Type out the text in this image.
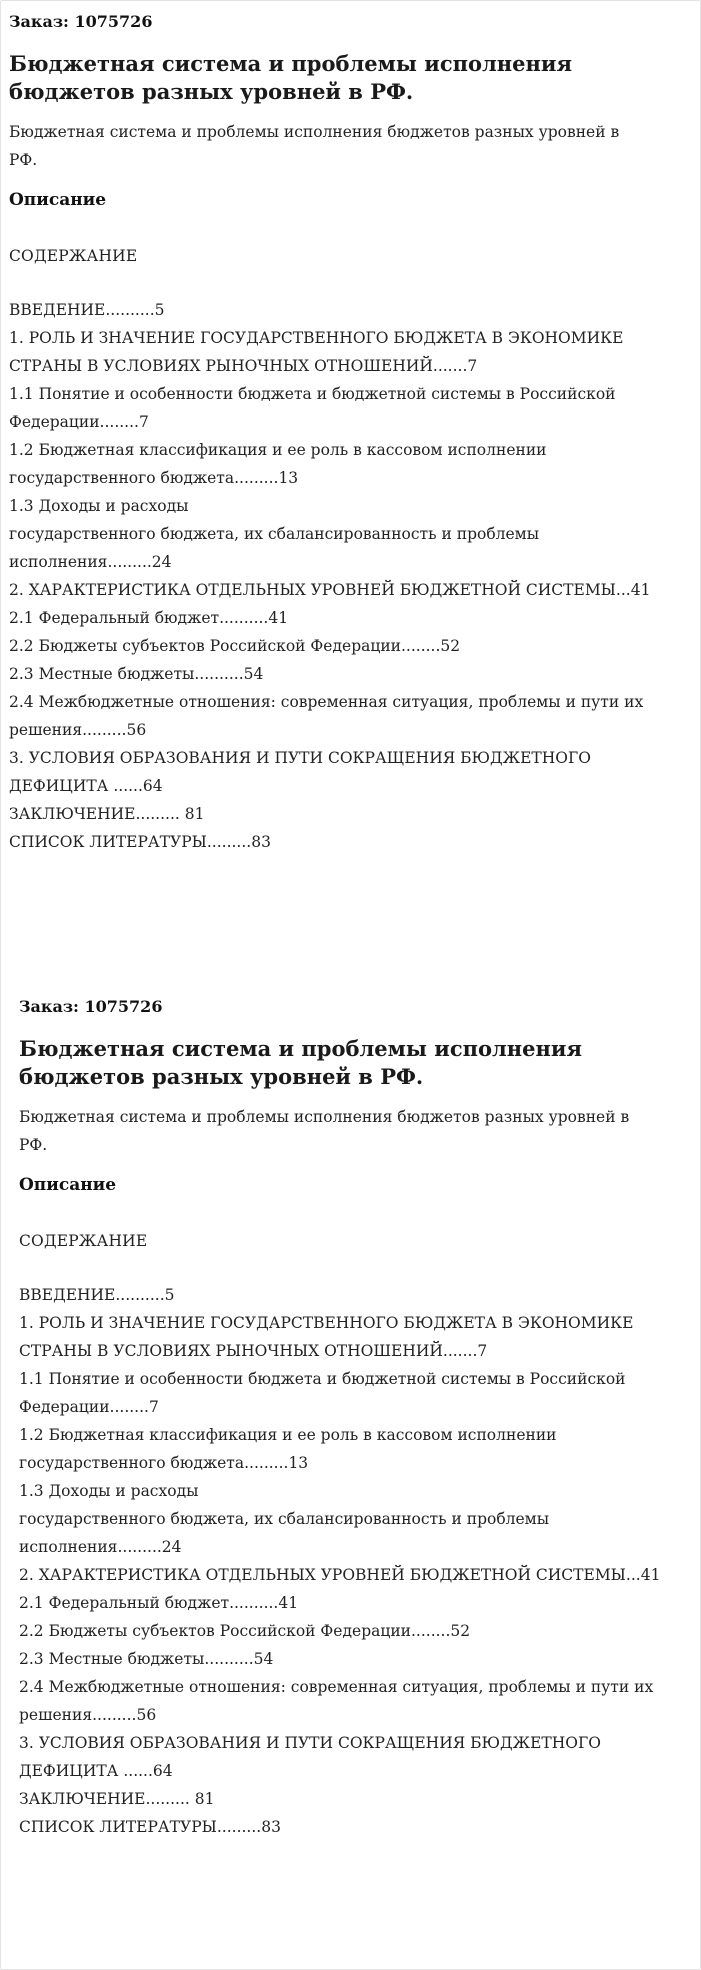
Заказ: 1075726

Бюджетная система и проблемы исполнения бюджетов разных уровней в РФ.

Бюджетная система и проблемы исполнения бюджетов разных уровней в РФ.

Описание

СОДЕРЖАНИЕ

ВВЕДЕНИЕ..........5
1. РОЛЬ И ЗНАЧЕНИЕ ГОСУДАРСТВЕННОГО БЮДЖЕТА В ЭКОНОМИКЕ СТРАНЫ В УСЛОВИЯХ РЫНОЧНЫХ ОТНОШЕНИЙ.......7
1.1 Понятие и особенности бюджета и бюджетной системы в Российской Федерации........7
1.2 Бюджетная классификация и ее роль в кассовом исполнении государственного бюджета.........13
1.3 Доходы и расходы
государственного бюджета, их сбалансированность и проблемы исполнения.........24
2. ХАРАКТЕРИСТИКА ОТДЕЛЬНЫХ УРОВНЕЙ БЮДЖЕТНОЙ СИСТЕМЫ...41
2.1 Федеральный бюджет..........41
2.2 Бюджеты субъектов Российской Федерации........52
2.3 Местные бюджеты..........54
2.4 Межбюджетные отношения: современная ситуация, проблемы и пути их решения.........56
3. УСЛОВИЯ ОБРАЗОВАНИЯ И ПУТИ СОКРАЩЕНИЯ БЮДЖЕТНОГО ДЕФИЦИТА ......64
ЗАКЛЮЧЕНИЕ......... 81
СПИСОК ЛИТЕРАТУРЫ.........83

Заказ: 1075726

Бюджетная система и проблемы исполнения бюджетов разных уровней в РФ.

Бюджетная система и проблемы исполнения бюджетов разных уровней в РФ.

Описание

СОДЕРЖАНИЕ

ВВЕДЕНИЕ..........5
1. РОЛЬ И ЗНАЧЕНИЕ ГОСУДАРСТВЕННОГО БЮДЖЕТА В ЭКОНОМИКЕ СТРАНЫ В УСЛОВИЯХ РЫНОЧНЫХ ОТНОШЕНИЙ.......7
1.1 Понятие и особенности бюджета и бюджетной системы в Российской Федерации........7
1.2 Бюджетная классификация и ее роль в кассовом исполнении государственного бюджета.........13
1.3 Доходы и расходы
государственного бюджета, их сбалансированность и проблемы исполнения.........24
2. ХАРАКТЕРИСТИКА ОТДЕЛЬНЫХ УРОВНЕЙ БЮДЖЕТНОЙ СИСТЕМЫ...41
2.1 Федеральный бюджет..........41
2.2 Бюджеты субъектов Российской Федерации........52
2.3 Местные бюджеты..........54
2.4 Межбюджетные отношения: современная ситуация, проблемы и пути их решения.........56
3. УСЛОВИЯ ОБРАЗОВАНИЯ И ПУТИ СОКРАЩЕНИЯ БЮДЖЕТНОГО ДЕФИЦИТА ......64
ЗАКЛЮЧЕНИЕ......... 81
СПИСОК ЛИТЕРАТУРЫ.........83
